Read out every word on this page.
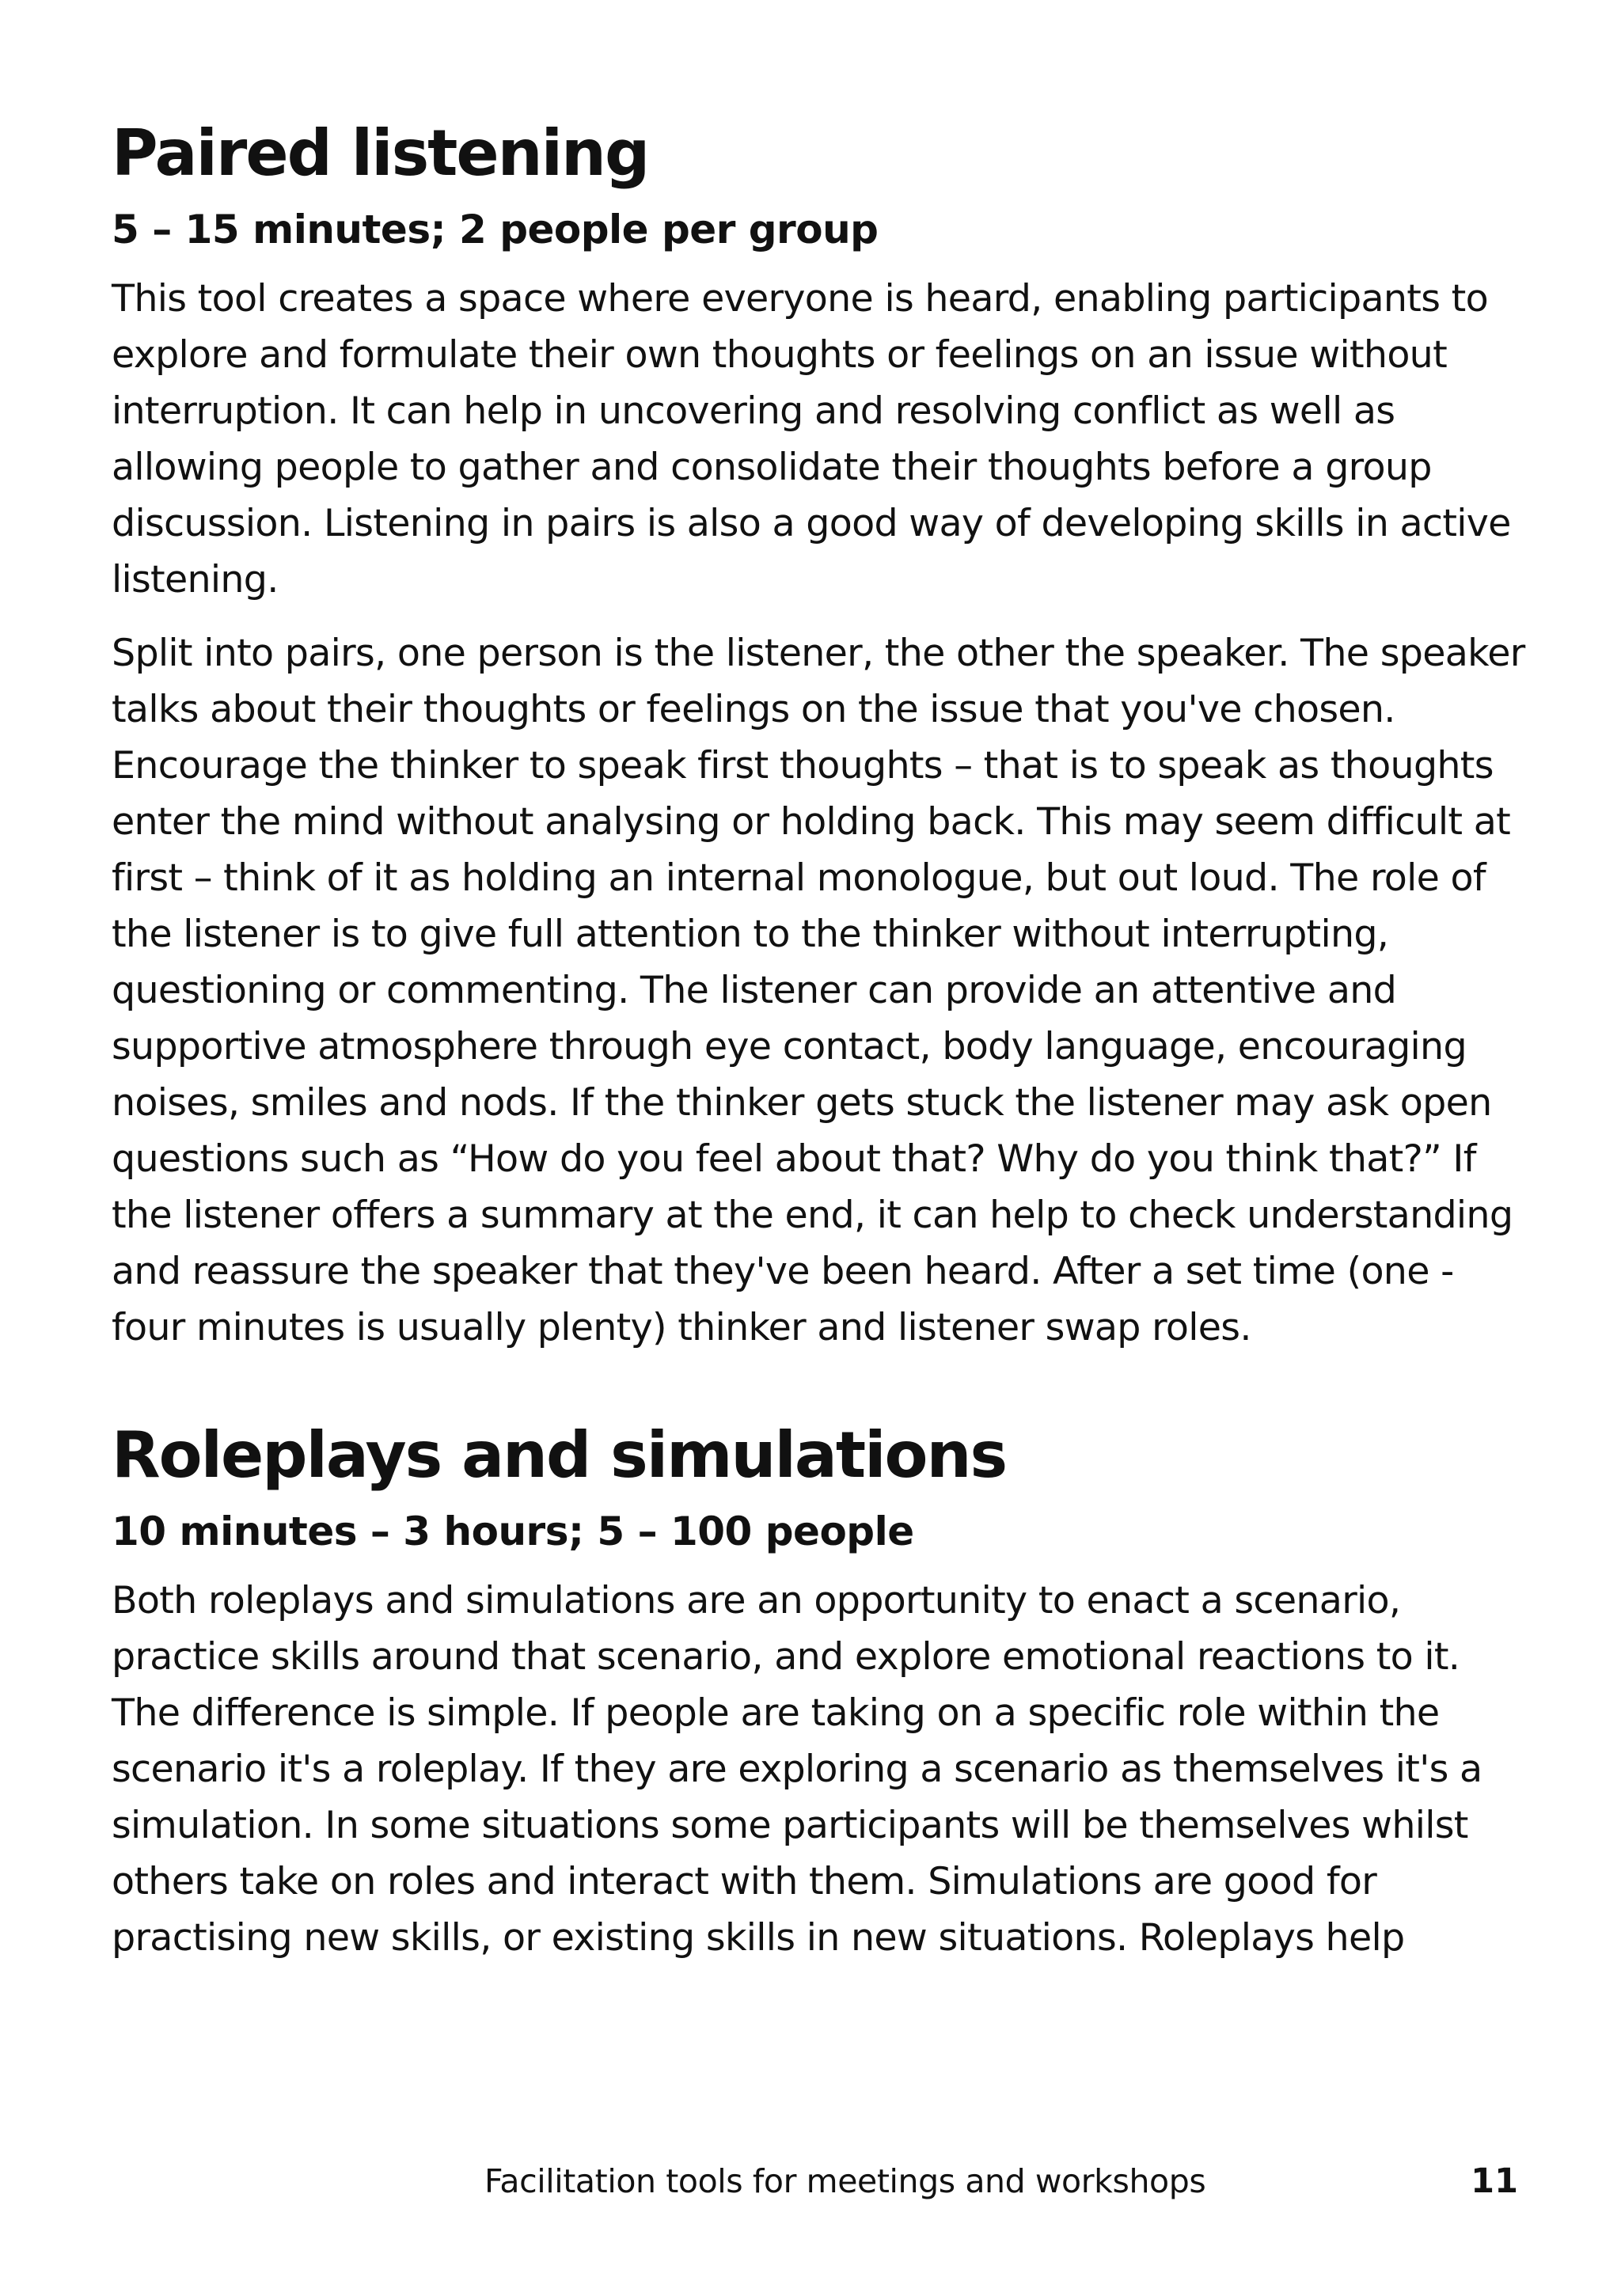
Paired listening

5 – 15 minutes; 2 people per group

This tool creates a space where everyone is heard, enabling participants to explore and formulate their own thoughts or feelings on an issue without interruption. It can help in uncovering and resolving conflict as well as allowing people to gather and consolidate their thoughts before a group discussion. Listening in pairs is also a good way of developing skills in active listening.

Split into pairs, one person is the listener, the other the speaker. The speaker talks about their thoughts or feelings on the issue that you've chosen. Encourage the thinker to speak first thoughts – that is to speak as thoughts enter the mind without analysing or holding back. This may seem difficult at first – think of it as holding an internal monologue, but out loud. The role of the listener is to give full attention to the thinker without interrupting, questioning or commenting. The listener can provide an attentive and supportive atmosphere through eye contact, body language, encouraging noises, smiles and nods. If the thinker gets stuck the listener may ask open questions such as “How do you feel about that? Why do you think that?” If the listener offers a summary at the end, it can help to check understanding and reassure the speaker that they've been heard. After a set time (one - four minutes is usually plenty) thinker and listener swap roles.

Roleplays and simulations

10 minutes – 3 hours; 5 – 100 people

Both roleplays and simulations are an opportunity to enact a scenario, practice skills around that scenario, and explore emotional reactions to it. The difference is simple. If people are taking on a specific role within the scenario it's a roleplay. If they are exploring a scenario as themselves it's a simulation. In some situations some participants will be themselves whilst others take on roles and interact with them. Simulations are good for practising new skills, or existing skills in new situations. Roleplays help

Facilitation tools for meetings and workshops	11
